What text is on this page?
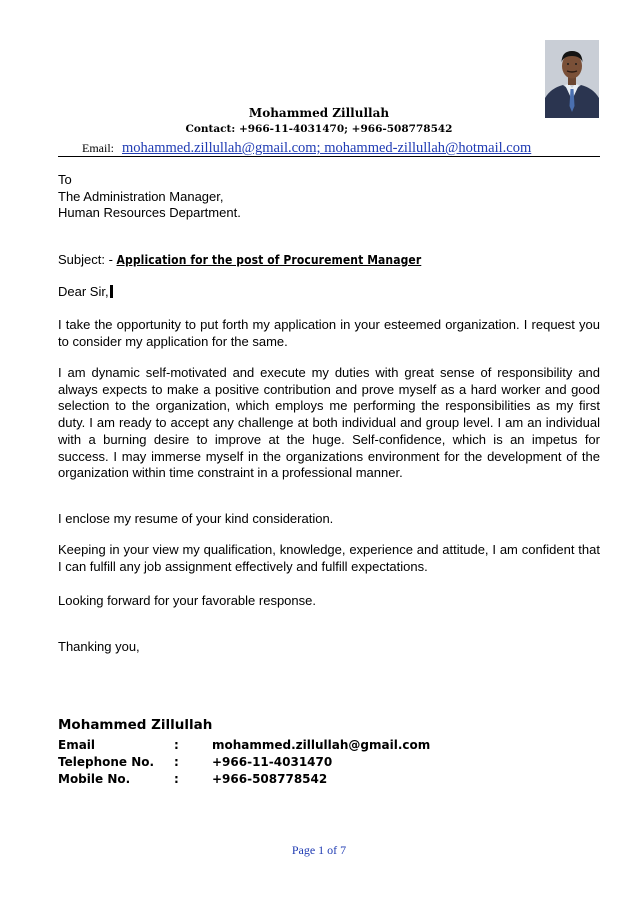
Mohammed Zillullah
Contact: +966-11-4031470; +966-508778542
Email: mohammed.zillullah@gmail.com; mohammed-zillullah@hotmail.com
To
The Administration Manager,
Human Resources Department.
Subject: - Application for the post of Procurement Manager
Dear Sir,
I take the opportunity to put forth my application in your esteemed organization. I request you to consider my application for the same.
I am dynamic self-motivated and execute my duties with great sense of responsibility and always expects to make a positive contribution and prove myself as a hard worker and good selection to the organization, which employs me performing the responsibilities as my first duty. I am ready to accept any challenge at both individual and group level. I am an individual with a burning desire to improve at the huge. Self-confidence, which is an impetus for success. I may immerse myself in the organizations environment for the development of the organization within time constraint in a professional manner.
I enclose my resume of your kind consideration.
Keeping in your view my qualification, knowledge, experience and attitude, I am confident that I can fulfill any job assignment effectively and fulfill expectations.
Looking forward for your favorable response.
Thanking you,
Mohammed Zillullah
Email	:	mohammed.zillullah@gmail.com
Telephone No. :	+966-11-4031470
Mobile No.	:	+966-508778542
Page 1 of 7
